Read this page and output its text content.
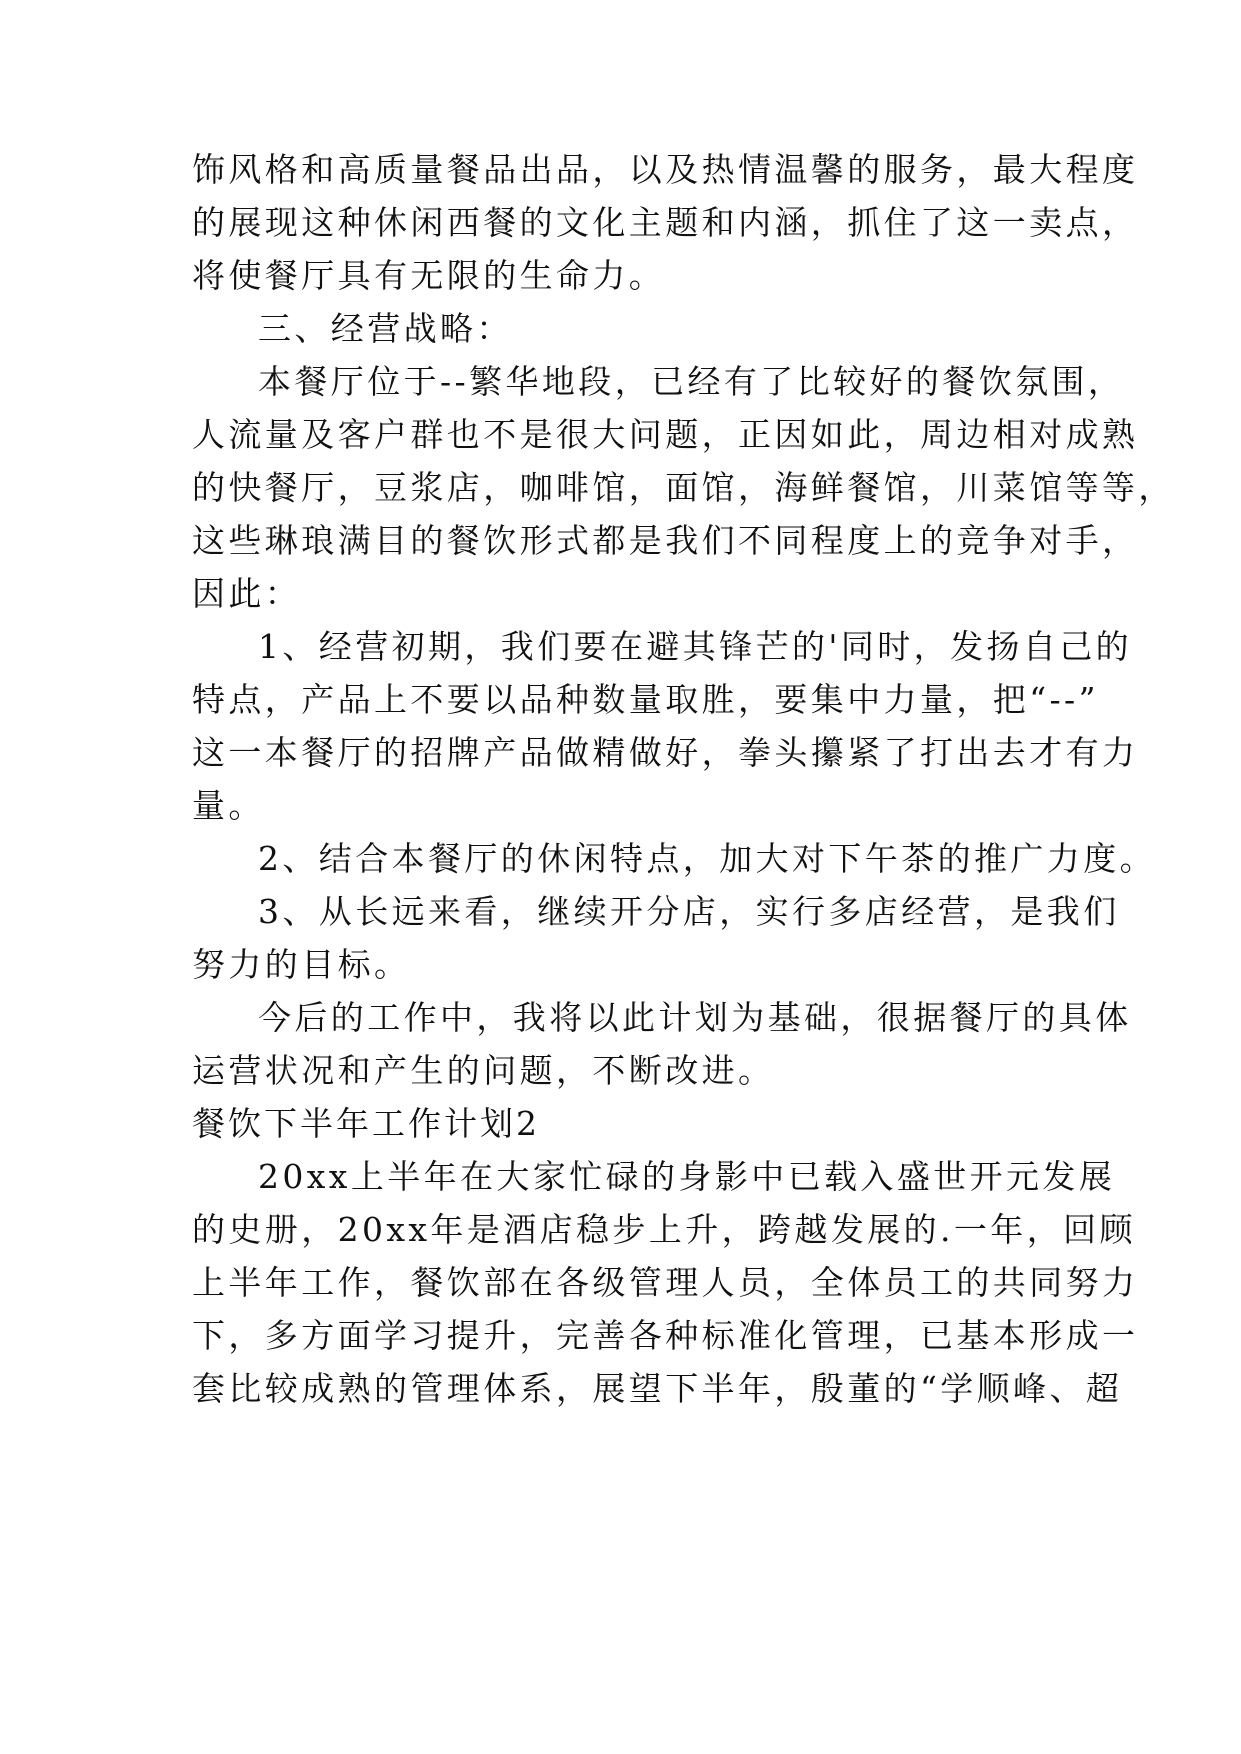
饰风格和高质量餐品出品，以及热情温馨的服务，最大程度
的展现这种休闲西餐的文化主题和内涵，抓住了这一卖点，
将使餐厅具有无限的生命力。
三、经营战略：
本餐厅位于--繁华地段，已经有了比较好的餐饮氛围，
人流量及客户群也不是很大问题，正因如此，周边相对成熟
的快餐厅，豆浆店，咖啡馆，面馆，海鲜餐馆，川菜馆等等，
这些琳琅满目的餐饮形式都是我们不同程度上的竞争对手，
因此：
1、经营初期，我们要在避其锋芒的'同时，发扬自己的
特点，产品上不要以品种数量取胜，要集中力量，把“--”
这一本餐厅的招牌产品做精做好，拳头攥紧了打出去才有力
量。
2、结合本餐厅的休闲特点，加大对下午茶的推广力度。
3、从长远来看，继续开分店，实行多店经营，是我们
努力的目标。
今后的工作中，我将以此计划为基础，很据餐厅的具体
运营状况和产生的问题，不断改进。
餐饮下半年工作计划2
20xx上半年在大家忙碌的身影中已载入盛世开元发展
的史册，20xx年是酒店稳步上升，跨越发展的.一年，回顾
上半年工作，餐饮部在各级管理人员，全体员工的共同努力
下，多方面学习提升，完善各种标准化管理，已基本形成一
套比较成熟的管理体系，展望下半年，殷董的“学顺峰、超
